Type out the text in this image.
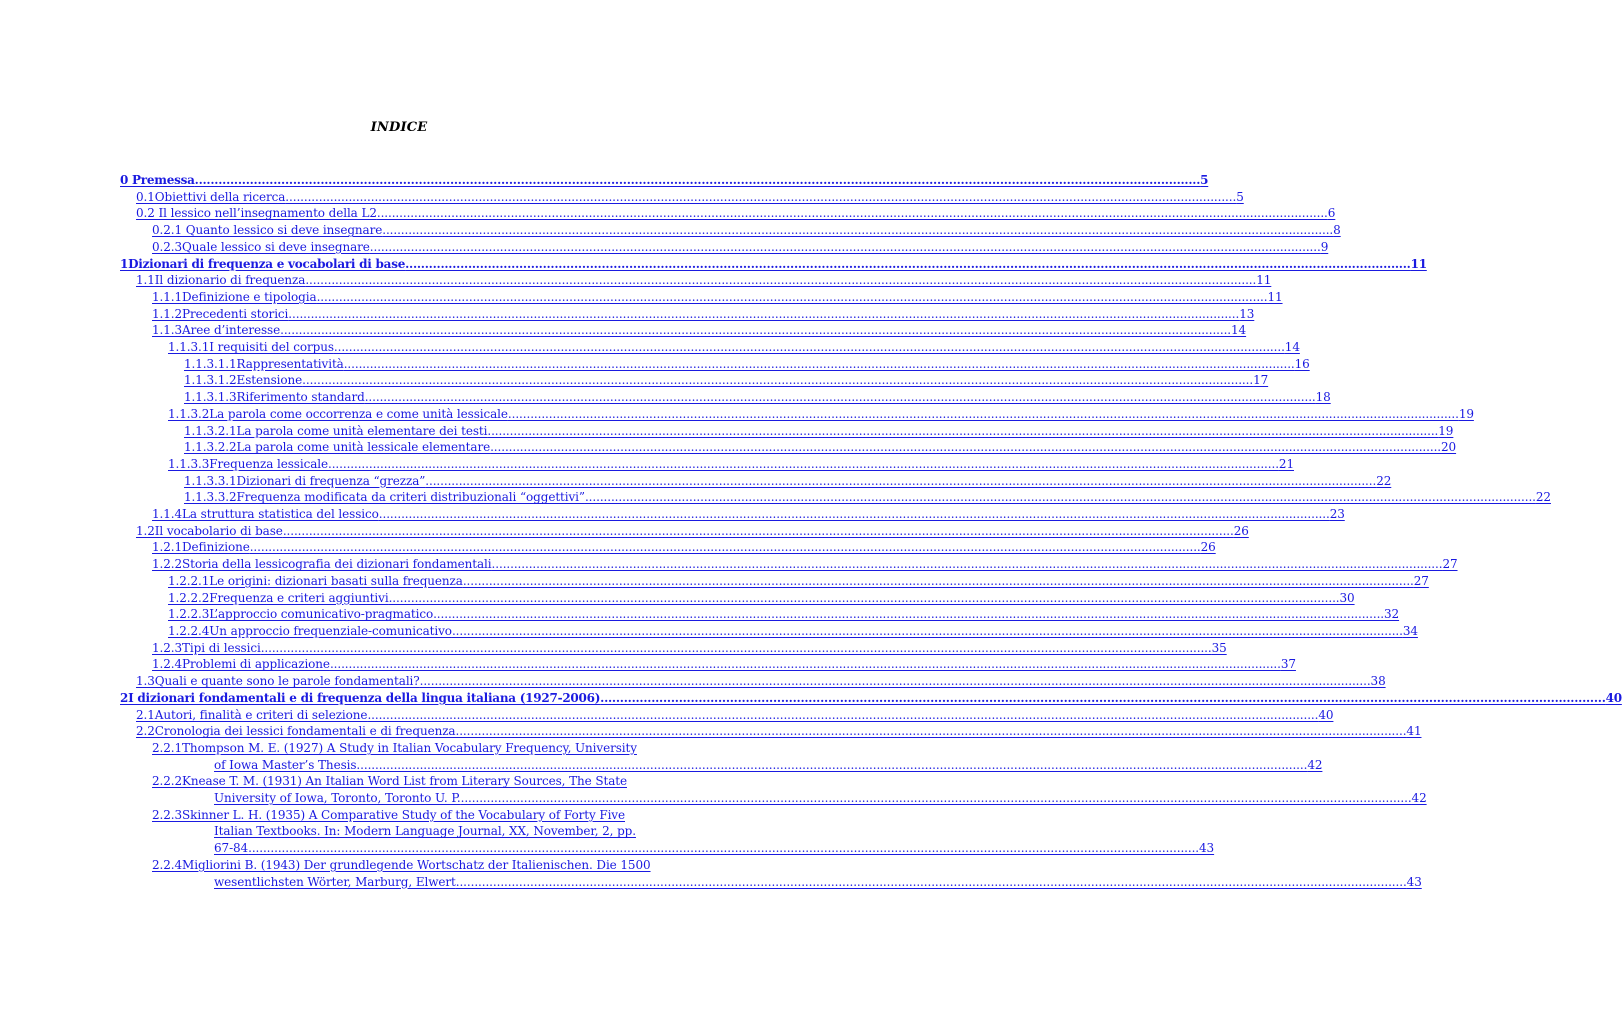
INDICE
0 Premessa ................................................................................................................................................................................................................................................................ 5
0.1Obiettivi della ricerca ................................................................................................................................................................................................................................................................ 5
0.2 Il lessico nell’insegnamento della L2 ................................................................................................................................................................................................................................................................ 6
0.2.1 Quanto lessico si deve insegnare ................................................................................................................................................................................................................................................................ 8
0.2.3Quale lessico si deve insegnare ................................................................................................................................................................................................................................................................ 9
1Dizionari di frequenza e vocabolari di base ................................................................................................................................................................................................................................................................ 11
1.1Il dizionario di frequenza ................................................................................................................................................................................................................................................................ 11
1.1.1Definizione e tipologia ................................................................................................................................................................................................................................................................ 11
1.1.2Precedenti storici ................................................................................................................................................................................................................................................................ 13
1.1.3Aree d’interesse ................................................................................................................................................................................................................................................................ 14
1.1.3.1I requisiti del corpus ................................................................................................................................................................................................................................................................ 14
1.1.3.1.1Rappresentatività ................................................................................................................................................................................................................................................................ 16
1.1.3.1.2Estensione ................................................................................................................................................................................................................................................................ 17
1.1.3.1.3Riferimento standard ................................................................................................................................................................................................................................................................ 18
1.1.3.2La parola come occorrenza e come unità lessicale ................................................................................................................................................................................................................................................................ 19
1.1.3.2.1La parola come unità elementare dei testi ................................................................................................................................................................................................................................................................ 19
1.1.3.2.2La parola come unità lessicale elementare ................................................................................................................................................................................................................................................................ 20
1.1.3.3Frequenza lessicale ................................................................................................................................................................................................................................................................ 21
1.1.3.3.1Dizionari di frequenza “grezza” ................................................................................................................................................................................................................................................................ 22
1.1.3.3.2Frequenza modificata da criteri distribuzionali “oggettivi” ................................................................................................................................................................................................................................................................ 22
1.1.4La struttura statistica del lessico ................................................................................................................................................................................................................................................................ 23
1.2Il vocabolario di base ................................................................................................................................................................................................................................................................ 26
1.2.1Definizione ................................................................................................................................................................................................................................................................ 26
1.2.2Storia della lessicografia dei dizionari fondamentali ................................................................................................................................................................................................................................................................ 27
1.2.2.1Le origini: dizionari basati sulla frequenza ................................................................................................................................................................................................................................................................ 27
1.2.2.2Frequenza e criteri aggiuntivi ................................................................................................................................................................................................................................................................ 30
1.2.2.3L’approccio comunicativo-pragmatico ................................................................................................................................................................................................................................................................ 32
1.2.2.4Un approccio frequenziale-comunicativo ................................................................................................................................................................................................................................................................ 34
1.2.3Tipi di lessici ................................................................................................................................................................................................................................................................ 35
1.2.4Problemi di applicazione ................................................................................................................................................................................................................................................................ 37
1.3Quali e quante sono le parole fondamentali? ................................................................................................................................................................................................................................................................ 38
2I dizionari fondamentali e di frequenza della lingua italiana (1927-2006) ................................................................................................................................................................................................................................................................ 40
2.1Autori, finalità e criteri di selezione ................................................................................................................................................................................................................................................................ 40
2.2Cronologia dei lessici fondamentali e di frequenza ................................................................................................................................................................................................................................................................ 41
2.2.1Thompson M. E. (1927) A Study in Italian Vocabulary Frequency, University
of Iowa Master’s Thesis ................................................................................................................................................................................................................................................................ 42
2.2.2Knease T. M. (1931) An Italian Word List from Literary Sources, The State
University of Iowa, Toronto, Toronto U. P. ................................................................................................................................................................................................................................................................ 42
2.2.3Skinner L. H. (1935) A Comparative Study of the Vocabulary of Forty Five
Italian Textbooks. In: Modern Language Journal, XX, November, 2, pp.
67-84 ................................................................................................................................................................................................................................................................ 43
2.2.4Migliorini B. (1943) Der grundlegende Wortschatz der Italienischen. Die 1500
wesentlichsten Wörter, Marburg, Elwert ................................................................................................................................................................................................................................................................ 43
